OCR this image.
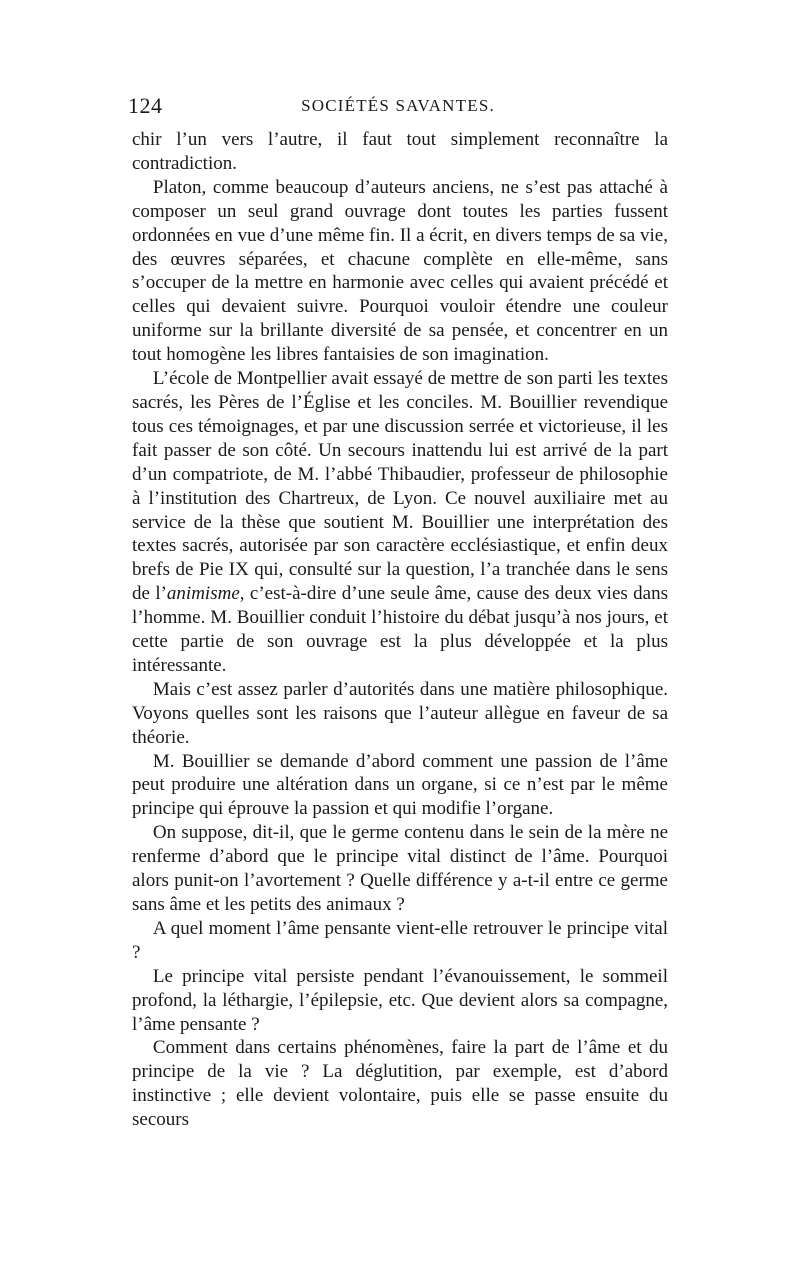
124	SOCIÉTÉS SAVANTES.

chir l’un vers l’autre, il faut tout simplement reconnaître la contradiction.

Platon, comme beaucoup d’auteurs anciens, ne s’est pas attaché à composer un seul grand ouvrage dont toutes les parties fussent ordonnées en vue d’une même fin. Il a écrit, en divers temps de sa vie, des œuvres séparées, et chacune complète en elle-même, sans s’occuper de la mettre en harmonie avec celles qui avaient précédé et celles qui devaient suivre. Pourquoi vouloir étendre une couleur uniforme sur la brillante diversité de sa pensée, et concentrer en un tout homogène les libres fantaisies de son imagination.

L’école de Montpellier avait essayé de mettre de son parti les textes sacrés, les Pères de l’Église et les conciles. M. Bouillier revendique tous ces témoignages, et par une discussion serrée et victorieuse, il les fait passer de son côté. Un secours inattendu lui est arrivé de la part d’un compatriote, de M. l’abbé Thibaudier, professeur de philosophie à l’institution des Chartreux, de Lyon. Ce nouvel auxiliaire met au service de la thèse que soutient M. Bouillier une interprétation des textes sacrés, autorisée par son caractère ecclésiastique, et enfin deux brefs de Pie IX qui, consulté sur la question, l’a tranchée dans le sens de l’animisme, c’est-à-dire d’une seule âme, cause des deux vies dans l’homme. M. Bouillier conduit l’histoire du débat jusqu’à nos jours, et cette partie de son ouvrage est la plus développée et la plus intéressante.

Mais c’est assez parler d’autorités dans une matière philosophique. Voyons quelles sont les raisons que l’auteur allègue en faveur de sa théorie.

M. Bouillier se demande d’abord comment une passion de l’âme peut produire une altération dans un organe, si ce n’est par le même principe qui éprouve la passion et qui modifie l’organe.

On suppose, dit-il, que le germe contenu dans le sein de la mère ne renferme d’abord que le principe vital distinct de l’âme. Pourquoi alors punit-on l’avortement ? Quelle différence y a-t-il entre ce germe sans âme et les petits des animaux ?

A quel moment l’âme pensante vient-elle retrouver le principe vital ?

Le principe vital persiste pendant l’évanouissement, le sommeil profond, la léthargie, l’épilepsie, etc. Que devient alors sa compagne, l’âme pensante ?

Comment dans certains phénomènes, faire la part de l’âme et du principe de la vie ? La déglutition, par exemple, est d’abord instinctive ; elle devient volontaire, puis elle se passe ensuite du secours
